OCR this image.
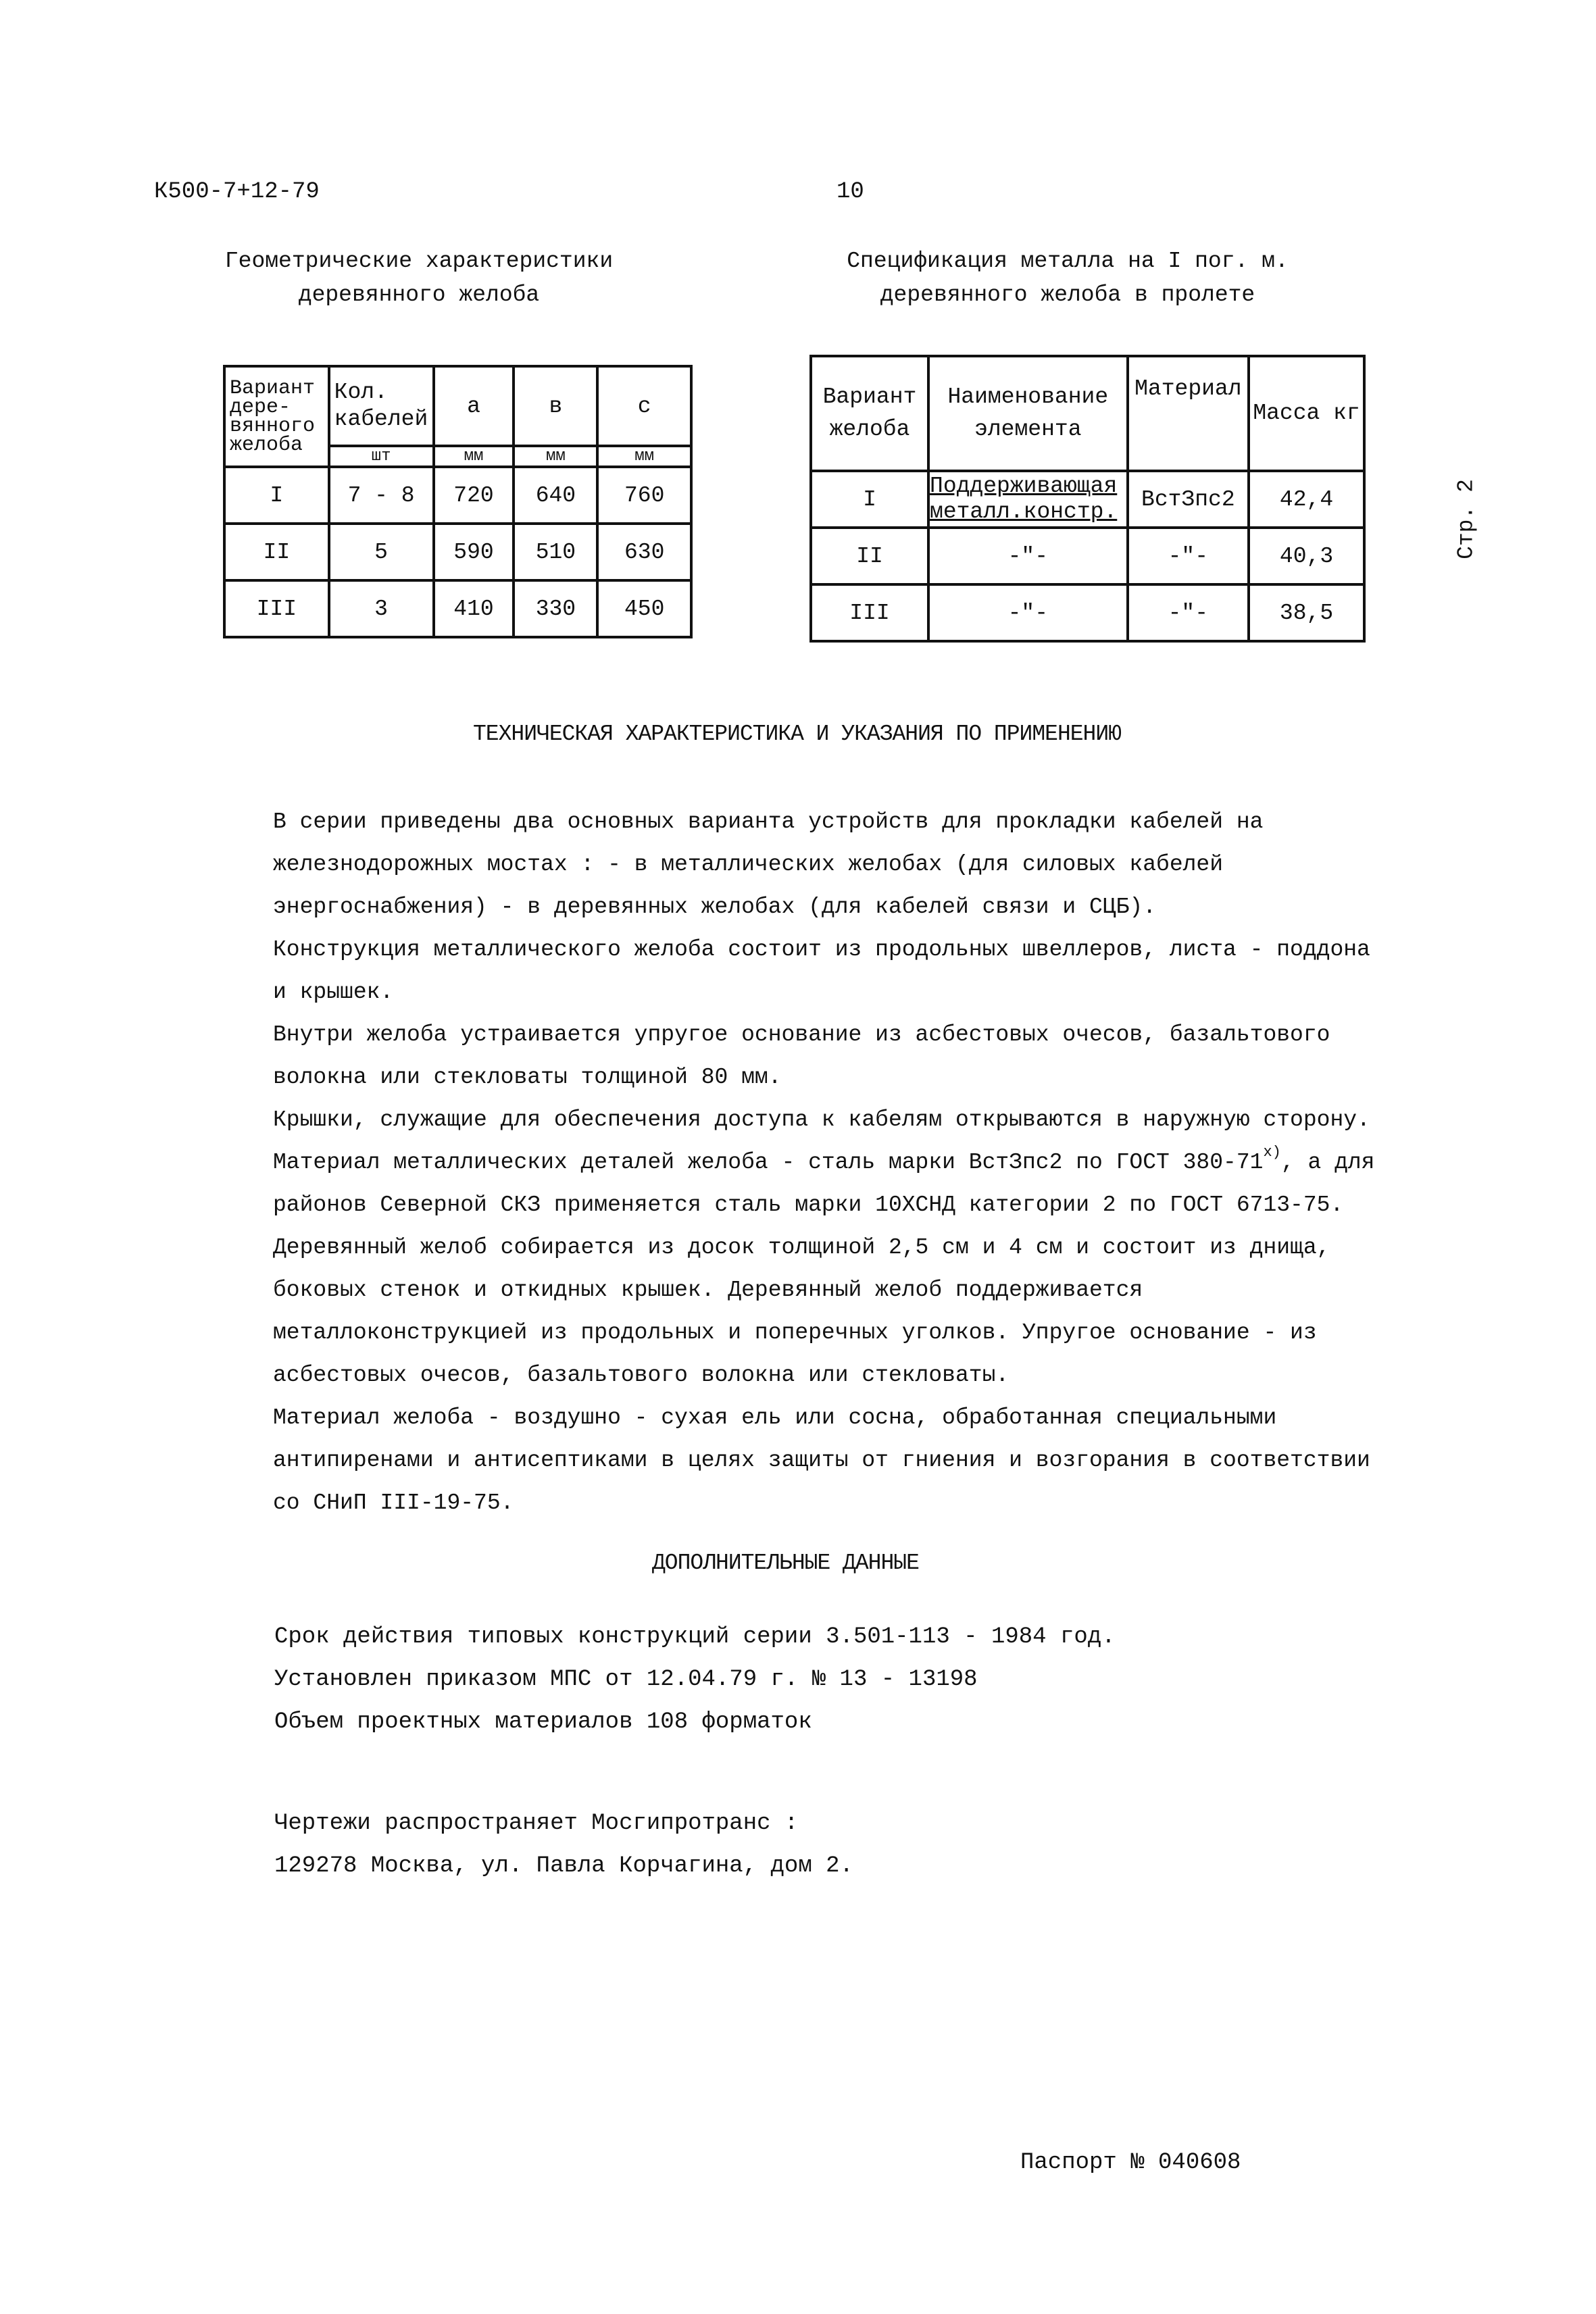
К500-7+12-79	10
Стр. 2
Геометрические характеристики
деревянного желоба
Вариант дере-вянного желоба	Кол. кабелей	а	в	с
	шт	мм	мм	мм
I	7 - 8	720	640	760
II	5	590	510	630
III	3	410	330	450
Спецификация металла на I пог. м.
деревянного желоба в пролете
Вариант желоба	Наименование элемента	Материал	Масса кг
I	Поддерживающая металл.констр.	ВстЗпс2	42,4
II	-"-	-"-	40,3
III	-"-	-"-	38,5
ТЕХНИЧЕСКАЯ ХАРАКТЕРИСТИКА И УКАЗАНИЯ ПО ПРИМЕНЕНИЮ

В серии приведены два основных варианта устройств для прокладки кабелей на железнодорожных мостах : - в металлических желобах (для силовых кабелей энергоснабжения) - в деревянных желобах (для кабелей связи и СЦБ).

Конструкция металлического желоба состоит из продольных швеллеров, листа - поддона и крышек.

Внутри желоба устраивается упругое основание из асбестовых очесов, базальтового волокна или стекловаты толщиной 80 мм.

Крышки, служащие для обеспечения доступа к кабелям открываются в наружную сторону.

Материал металлических деталей желоба - сталь марки ВстЗпс2 по ГОСТ $380-71^{х)}$, а для районов Северной СКЗ применяется сталь марки 10ХСНД категории 2 по ГОСТ 6713-75.

Деревянный желоб собирается из досок толщиной 2,5 см и 4 см и состоит из днища, боковых стенок и откидных крышек. Деревянный желоб поддерживается металлоконструкцией из продольных и поперечных уголков. Упругое основание - из асбестовых очесов, базальтового волокна или стекловаты.

Материал желоба - воздушно - сухая ель или сосна, обработанная специальными антипиренами и антисептиками в целях защиты от гниения и возгорания в соответствии со СНиП III-19-75.

ДОПОЛНИТЕЛЬНЫЕ ДАННЫЕ
Срок действия типовых конструкций серии 3.501-113 - 1984 год.
Установлен приказом МПС от 12.04.79 г. № 13 - 13198
Объем проектных материалов 108 форматок
Чертежи распространяет Мосгипротранс :
129278 Москва, ул. Павла Корчагина, дом 2.
Паспорт № 040608
